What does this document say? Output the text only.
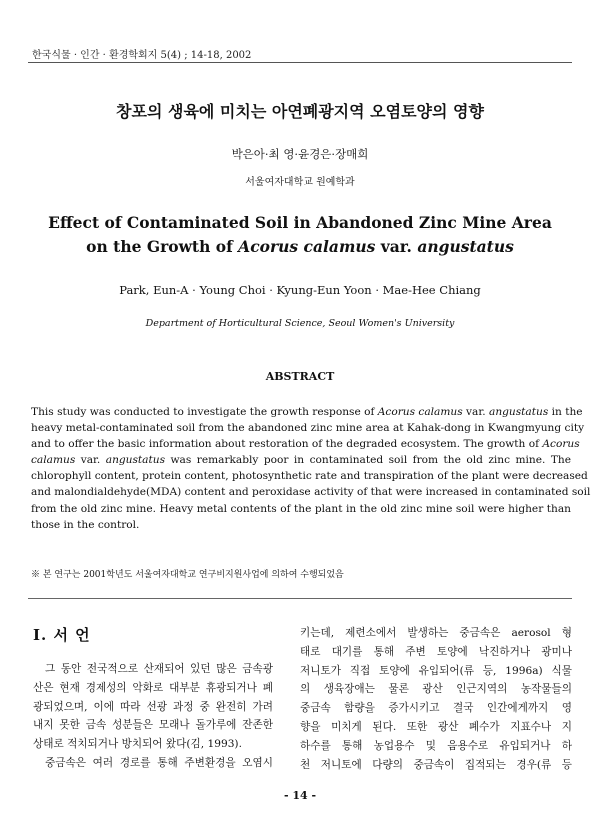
한국식물 · 인간 · 환경학회지 5(4) ; 14-18, 2002
창포의 생육에 미치는 아연폐광지역 오염토양의 영향
박은아·최 영·윤경은·장매희
서울여자대학교 원예학과
Effect of Contaminated Soil in Abandoned Zinc Mine Area
on the Growth of Acorus calamus var. angustatus
Park, Eun-A · Young Choi · Kyung-Eun Yoon · Mae-Hee Chiang
Department of Horticultural Science, Seoul Women's University
ABSTRACT
This study was conducted to investigate the growth response of Acorus calamus var. angustatus in the
heavy metal-contaminated soil from the abandoned zinc mine area at Kahak-dong in Kwangmyung city
and to offer the basic information about restoration of the degraded ecosystem. The growth of Acorus
calamus var. angustatus was remarkably poor in contaminated soil from the old zinc mine. The
chlorophyll content, protein content, photosynthetic rate and transpiration of the plant were decreased
and malondialdehyde(MDA) content and peroxidase activity of that were increased in contaminated soil
from the old zinc mine. Heavy metal contents of the plant in the old zinc mine soil were higher than
those in the control.
※ 본 연구는 2001학년도 서울여자대학교 연구비지원사업에 의하여 수행되었음
Ⅰ. 서 언
그 동안 전국적으로 산재되어 있던 많은 금속광
산은 현재 경제성의 악화로 대부분 휴광되거나 폐
광되었으며, 이에 따라 선광 과정 중 완전히 가려
내지 못한 금속 성분들은 모래나 돌가루에 잔존한
상태로 적치되거나 방치되어 왔다(김, 1993).
중금속은 여러 경로를 통해 주변환경을 오염시
키는데, 제련소에서 발생하는 중금속은 aerosol 형
태로 대기를 통해 주변 토양에 낙진하거나 광미나
저니토가 직접 토양에 유입되어(류 등, 1996a) 식물
의 생육장애는 물론 광산 인근지역의 농작물들의
중금속 함량을 증가시키고 결국 인간에게까지 영
향을 미치게 된다. 또한 광산 폐수가 지표수나 지
하수를 통해 농업용수 및 음용수로 유입되거나 하
천 저니토에 다량의 중금속이 집적되는 경우(류 등
- 14 -
